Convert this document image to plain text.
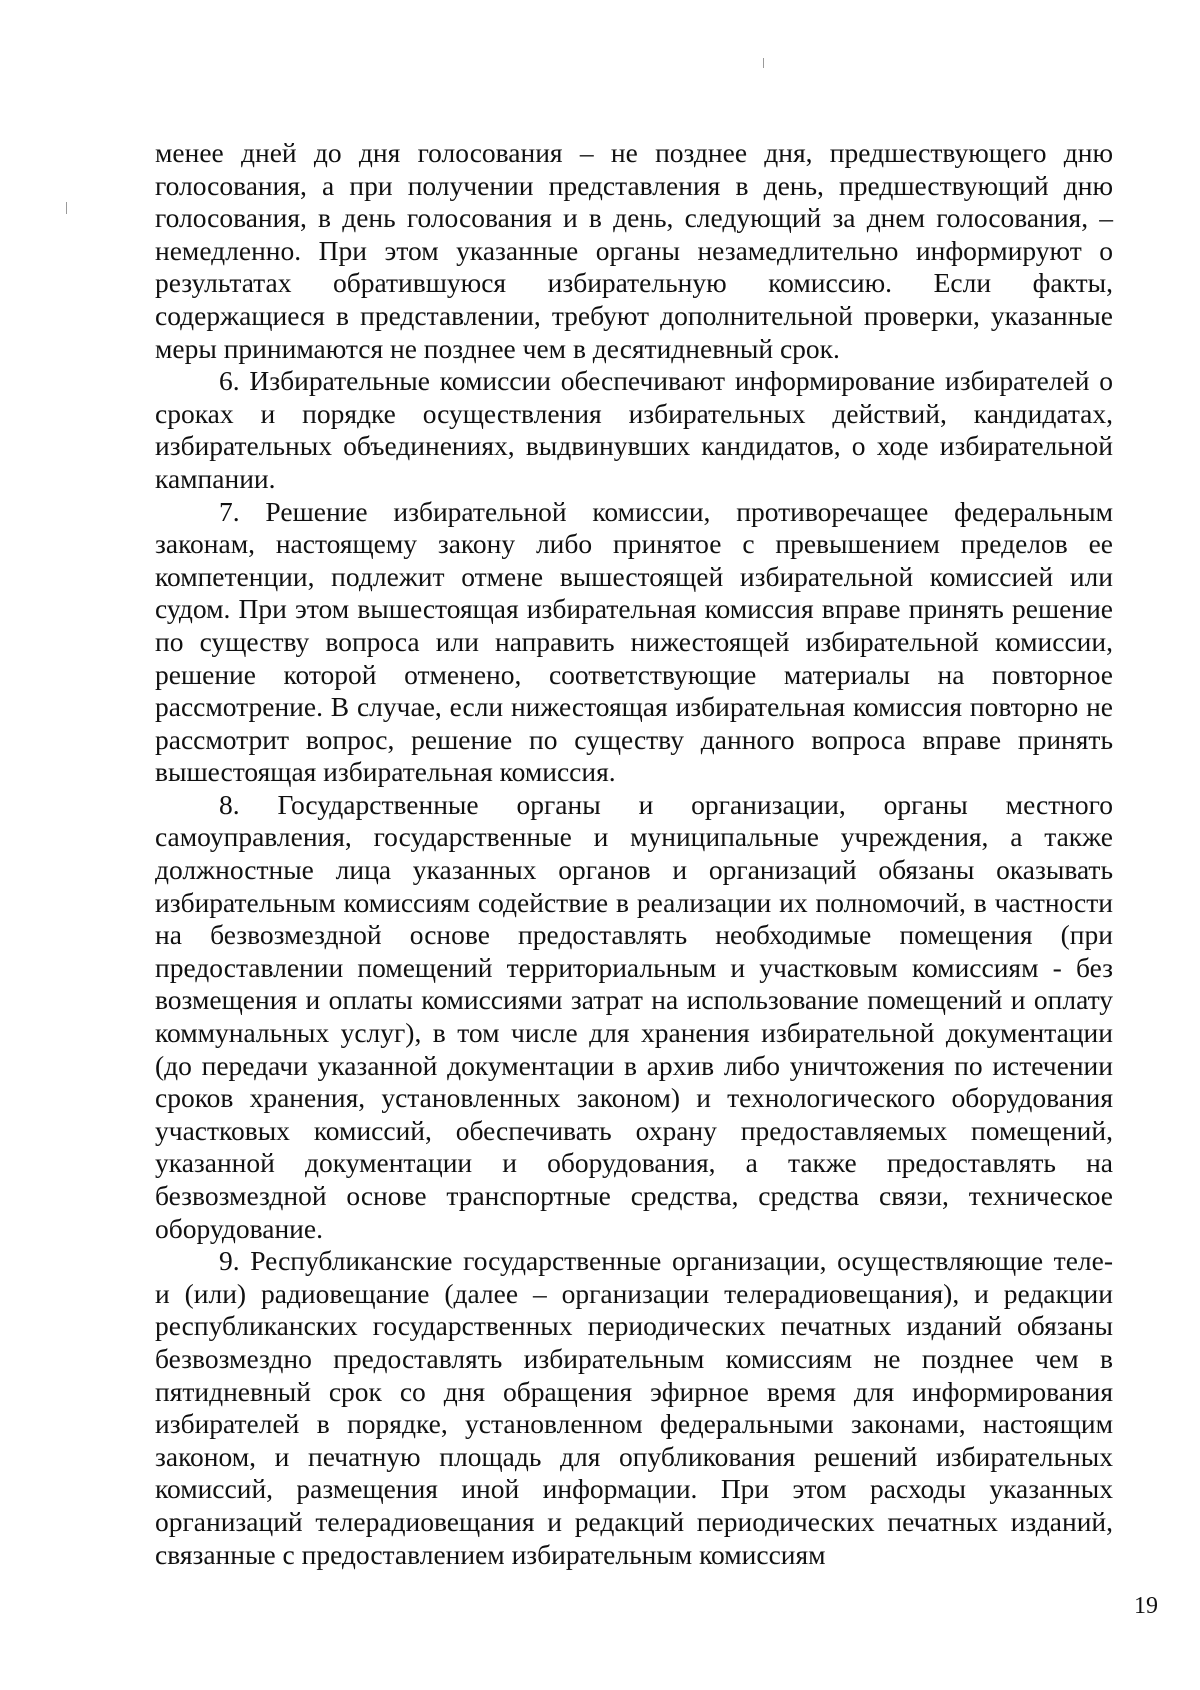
менее дней до дня голосования – не позднее дня, предшествующего дню голосования, а при получении представления в день, предшествующий дню голосования, в день голосования и в день, следующий за днем голосования, – немедленно. При этом указанные органы незамедлительно информируют о результатах обратившуюся избирательную комиссию. Если факты, содержащиеся в представлении, требуют дополнительной проверки, указанные меры принимаются не позднее чем в десятидневный срок.

6. Избирательные комиссии обеспечивают информирование избирателей о сроках и порядке осуществления избирательных действий, кандидатах, избирательных объединениях, выдвинувших кандидатов, о ходе избирательной кампании.

7. Решение избирательной комиссии, противоречащее федеральным законам, настоящему закону либо принятое с превышением пределов ее компетенции, подлежит отмене вышестоящей избирательной комиссией или судом. При этом вышестоящая избирательная комиссия вправе принять решение по существу вопроса или направить нижестоящей избирательной комиссии, решение которой отменено, соответствующие материалы на повторное рассмотрение. В случае, если нижестоящая избирательная комиссия повторно не рассмотрит вопрос, решение по существу данного вопроса вправе принять вышестоящая избирательная комиссия.

8. Государственные органы и организации, органы местного самоуправления, государственные и муниципальные учреждения, а также должностные лица указанных органов и организаций обязаны оказывать избирательным комиссиям содействие в реализации их полномочий, в частности на безвозмездной основе предоставлять необходимые помещения (при предоставлении помещений территориальным и участковым комиссиям - без возмещения и оплаты комиссиями затрат на использование помещений и оплату коммунальных услуг), в том числе для хранения избирательной документации (до передачи указанной документации в архив либо уничтожения по истечении сроков хранения, установленных законом) и технологического оборудования участковых комиссий, обеспечивать охрану предоставляемых помещений, указанной документации и оборудования, а также предоставлять на безвозмездной основе транспортные средства, средства связи, техническое оборудование.

9. Республиканские государственные организации, осуществляющие теле- и (или) радиовещание (далее – организации телерадиовещания), и редакции республиканских государственных периодических печатных изданий обязаны безвозмездно предоставлять избирательным комиссиям не позднее чем в пятидневный срок со дня обращения эфирное время для информирования избирателей в порядке, установленном федеральными законами, настоящим законом, и печатную площадь для опубликования решений избирательных комиссий, размещения иной информации. При этом расходы указанных организаций телерадиовещания и редакций периодических печатных изданий, связанные с предоставлением избирательным комиссиям

19
